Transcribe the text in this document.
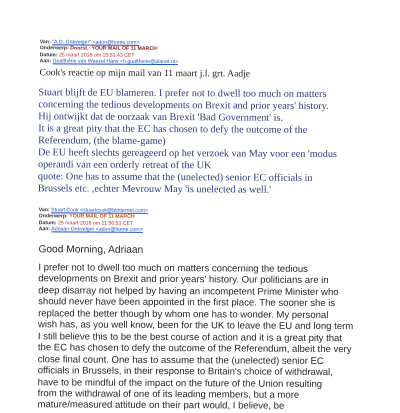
Van: "A.D. Onkvelger" <adon@home.com>
Onderwerp: Doorst.: YOUR MAIL OF 11 MARCH
Datum: 25 maart 2018 om 15:53:43 CET
Aan: Gualthérie van Weezel Hans <h.gualtherie@planet.nl>
Cook's reactie op mijn mail van 11 maart j.l. grt. Aadje
Stuart blijft de EU blameren. I prefer not to dwell too much on matters
concerning the tedious developments on Brexit and prior years' history.
Hij ontwijkt dat de oorzaak van Brexit 'Bad Government' is.
It is a great pity that the EC has chosen to defy the outcome of the
Referendum, (the blame-game)
De EU heeft slechts gereageerd op het verzoek van May voor een 'modus
operandi van een orderly retreat of the UK
quote: One has to assume that the (unelected) senior EC officials in
Brussels etc. ,echter Mevrouw May 'is unelected as well.'
Van: Stuart Cook <stuartcook@btinternet.com>
Onderwerp: YOUR MAIL OF 11 MARCH
Datum: 25 maart 2018 om 11:56:53 CET
Aan: Adriaan Onkvelger <adon@home.com>
Good Morning, Adriaan
I prefer not to dwell too much on matters concerning the tedious
developments on Brexit and prior years' history. Our politicians are in
deep disarray not helped by having an incompetent Prime Minister who
should never have been appointed in the first place. The sooner she is
replaced the better though by whom one has to wonder. My personal
wish has, as you well know, been for the UK to leave the EU and long term
I still believe this to be the best course of action and it is a great pity that
the EC has chosen to defy the outcome of the Referendum, albeit the very
close final count. One has to assume that the (unelected) senior EC
officials in Brussels, in their response to Britain's choice of withdrawal,
have to be mindful of the impact on the future of the Union resulting
from the withdrawal of one of its leading members, but a more
mature/measured attitude on their part would, I believe, be
